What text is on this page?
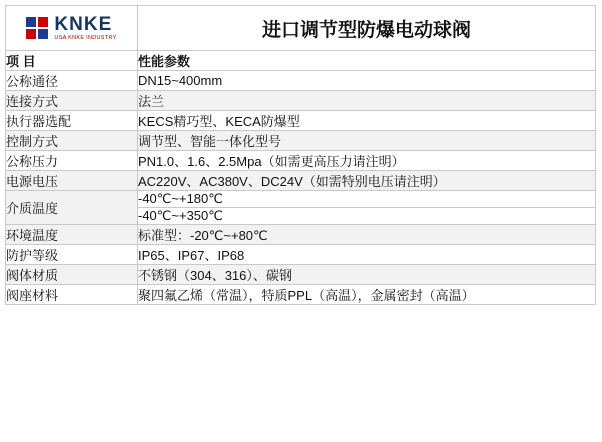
KNKE
USA KNKE INDUSTRY	进口调节型防爆电动球阀
项 目	性能参数
公称通径	DN15~400mm
连接方式	法兰
执行器选配	KECS精巧型、KECA防爆型
控制方式	调节型、智能一体化型号
公称压力	PN1.0、1.6、2.5Mpa（如需更高压力请注明）
电源电压	AC220V、AC380V、DC24V（如需特别电压请注明）
介质温度	-40℃~+180℃
	-40℃~+350℃
环境温度	标准型：-20℃~+80℃
防护等级	IP65、IP67、IP68
阀体材质	不锈钢（304、316）、碳钢
阀座材料	聚四氟乙烯（常温），特质PPL（高温），金属密封（高温）
